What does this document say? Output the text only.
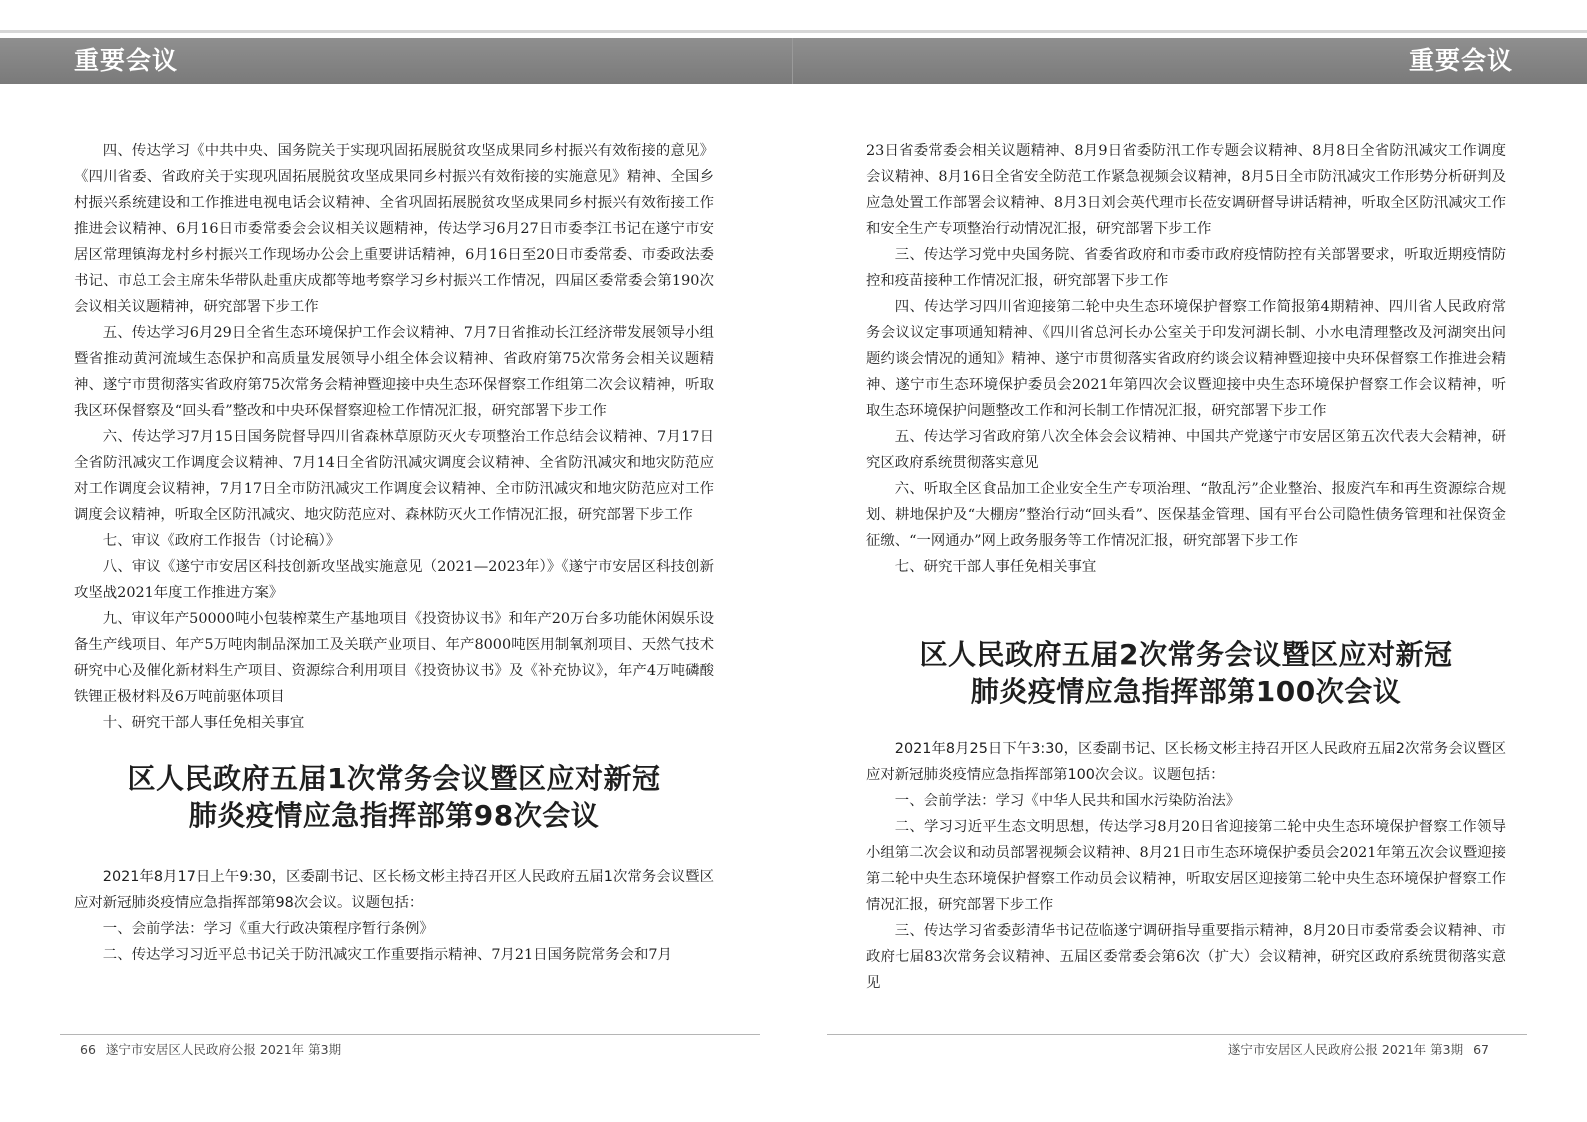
重要会议	重要会议

四、传达学习《中共中央、国务院关于实现巩固拓展脱贫攻坚成果同乡村振兴有效衔接的意见》《四川省委、省政府关于实现巩固拓展脱贫攻坚成果同乡村振兴有效衔接的实施意见》精神、全国乡村振兴系统建设和工作推进电视电话会议精神、全省巩固拓展脱贫攻坚成果同乡村振兴有效衔接工作推进会议精神、6月16日市委常委会会议相关议题精神，传达学习6月27日市委李江书记在遂宁市安居区常理镇海龙村乡村振兴工作现场办公会上重要讲话精神，6月16日至20日市委常委、市委政法委书记、市总工会主席朱华带队赴重庆成都等地考察学习乡村振兴工作情况，四届区委常委会第190次会议相关议题精神，研究部署下步工作

五、传达学习6月29日全省生态环境保护工作会议精神、7月7日省推动长江经济带发展领导小组暨省推动黄河流域生态保护和高质量发展领导小组全体会议精神、省政府第75次常务会相关议题精神、遂宁市贯彻落实省政府第75次常务会精神暨迎接中央生态环保督察工作组第二次会议精神，听取我区环保督察及“回头看”整改和中央环保督察迎检工作情况汇报，研究部署下步工作

六、传达学习7月15日国务院督导四川省森林草原防灭火专项整治工作总结会议精神、7月17日全省防汛减灾工作调度会议精神、7月14日全省防汛减灾调度会议精神、全省防汛减灾和地灾防范应对工作调度会议精神，7月17日全市防汛减灾工作调度会议精神、全市防汛减灾和地灾防范应对工作调度会议精神，听取全区防汛减灾、地灾防范应对、森林防灭火工作情况汇报，研究部署下步工作

七、审议《政府工作报告（讨论稿）》

八、审议《遂宁市安居区科技创新攻坚战实施意见（2021—2023年）》《遂宁市安居区科技创新攻坚战2021年度工作推进方案》

九、审议年产50000吨小包装榨菜生产基地项目《投资协议书》和年产20万台多功能休闲娱乐设备生产线项目、年产5万吨肉制品深加工及关联产业项目、年产8000吨医用制氧剂项目、天然气技术研究中心及催化新材料生产项目、资源综合利用项目《投资协议书》及《补充协议》，年产4万吨磷酸铁锂正极材料及6万吨前驱体项目

十、研究干部人事任免相关事宜

区人民政府五届1次常务会议暨区应对新冠
肺炎疫情应急指挥部第98次会议

2021年8月17日上午9:30，区委副书记、区长杨文彬主持召开区人民政府五届1次常务会议暨区应对新冠肺炎疫情应急指挥部第98次会议。议题包括：

一、会前学法：学习《重大行政决策程序暂行条例》

二、传达学习习近平总书记关于防汛减灾工作重要指示精神、7月21日国务院常务会和7月

23日省委常委会相关议题精神、8月9日省委防汛工作专题会议精神、8月8日全省防汛减灾工作调度会议精神、8月16日全省安全防范工作紧急视频会议精神，8月5日全市防汛减灾工作形势分析研判及应急处置工作部署会议精神、8月3日刘会英代理市长莅安调研督导讲话精神，听取全区防汛减灾工作和安全生产专项整治行动情况汇报，研究部署下步工作

三、传达学习党中央国务院、省委省政府和市委市政府疫情防控有关部署要求，听取近期疫情防控和疫苗接种工作情况汇报，研究部署下步工作

四、传达学习四川省迎接第二轮中央生态环境保护督察工作简报第4期精神、四川省人民政府常务会议议定事项通知精神、《四川省总河长办公室关于印发河湖长制、小水电清理整改及河湖突出问题约谈会情况的通知》精神、遂宁市贯彻落实省政府约谈会议精神暨迎接中央环保督察工作推进会精神、遂宁市生态环境保护委员会2021年第四次会议暨迎接中央生态环境保护督察工作会议精神，听取生态环境保护问题整改工作和河长制工作情况汇报，研究部署下步工作

五、传达学习省政府第八次全体会会议精神、中国共产党遂宁市安居区第五次代表大会精神，研究区政府系统贯彻落实意见

六、听取全区食品加工企业安全生产专项治理、“散乱污”企业整治、报废汽车和再生资源综合规划、耕地保护及“大棚房”整治行动“回头看”、医保基金管理、国有平台公司隐性债务管理和社保资金征缴、“一网通办”网上政务服务等工作情况汇报，研究部署下步工作

七、研究干部人事任免相关事宜

区人民政府五届2次常务会议暨区应对新冠
肺炎疫情应急指挥部第100次会议

2021年8月25日下午3:30，区委副书记、区长杨文彬主持召开区人民政府五届2次常务会议暨区应对新冠肺炎疫情应急指挥部第100次会议。议题包括：

一、会前学法：学习《中华人民共和国水污染防治法》

二、学习习近平生态文明思想，传达学习8月20日省迎接第二轮中央生态环境保护督察工作领导小组第二次会议和动员部署视频会议精神、8月21日市生态环境保护委员会2021年第五次会议暨迎接第二轮中央生态环境保护督察工作动员会议精神，听取安居区迎接第二轮中央生态环境保护督察工作情况汇报，研究部署下步工作

三、传达学习省委彭清华书记莅临遂宁调研指导重要指示精神，8月20日市委常委会议精神、市政府七届83次常务会议精神、五届区委常委会第6次（扩大）会议精神，研究区政府系统贯彻落实意见

66 遂宁市安居区人民政府公报 2021年 第3期	遂宁市安居区人民政府公报 2021年 第3期 67
